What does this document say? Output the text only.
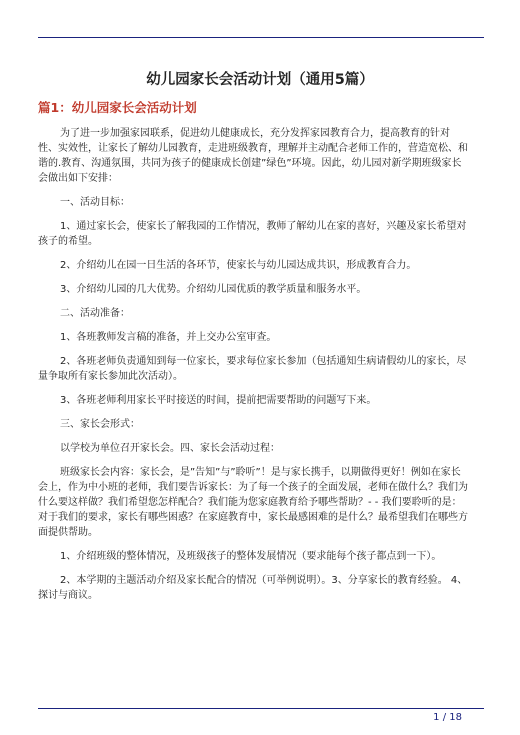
幼儿园家长会活动计划（通用5篇）
篇1：幼儿园家长会活动计划

为了进一步加强家园联系，促进幼儿健康成长，充分发挥家园教育合力，提高教育的针对性、实效性，让家长了解幼儿园教育，走进班级教育，理解并主动配合老师工作的，营造宽松、和谐的.教育、沟通氛围，共同为孩子的健康成长创建”绿色”环境。因此，幼儿园对新学期班级家长会做出如下安排：

一、活动目标：

1、通过家长会，使家长了解我园的工作情况，教师了解幼儿在家的喜好，兴趣及家长希望对孩子的希望。

2、介绍幼儿在园一日生活的各环节，使家长与幼儿园达成共识，形成教育合力。

3、介绍幼儿园的几大优势。介绍幼儿园优质的教学质量和服务水平。

二、活动准备：

1、各班教师发言稿的准备，并上交办公室审查。

2、各班老师负责通知到每一位家长，要求每位家长参加（包括通知生病请假幼儿的家长，尽量争取所有家长参加此次活动）。

3、各班老师利用家长平时接送的时间，提前把需要帮助的问题写下来。

三、家长会形式：

以学校为单位召开家长会。四、家长会活动过程：

班级家长会内容：家长会，是”告知”与”聆听”！是与家长携手，以期做得更好！例如在家长会上，作为中小班的老师，我们要告诉家长：为了每一个孩子的全面发展，老师在做什么？我们为什么要这样做？我们希望您怎样配合？我们能为您家庭教育给予哪些帮助？- - 我们要聆听的是：对于我们的要求，家长有哪些困惑？在家庭教育中，家长最感困难的是什么？最希望我们在哪些方面提供帮助。

1、介绍班级的整体情况，及班级孩子的整体发展情况（要求能每个孩子都点到一下）。

2、本学期的主题活动介绍及家长配合的情况（可举例说明）。3、分享家长的教育经验。 4、探讨与商议。

1 / 18
